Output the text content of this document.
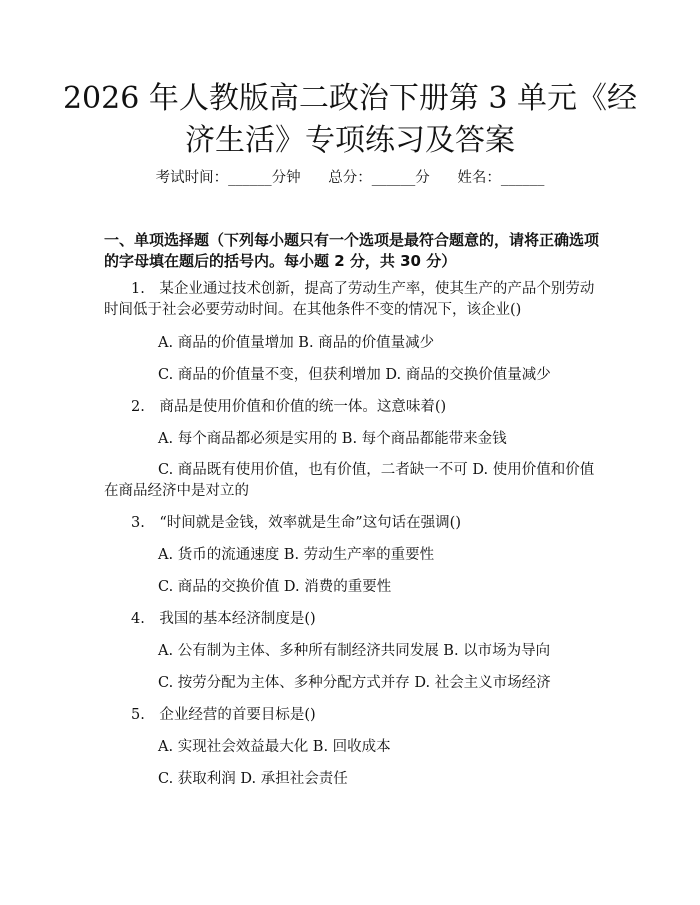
2026 年人教版高二政治下册第 3 单元《经济生活》专项练习及答案
考试时间：______分钟      总分：______分      姓名：______
一、单项选择题（下列每小题只有一个选项是最符合题意的，请将正确选项的字母填在题后的括号内。每小题 2 分，共 30 分）
1.　某企业通过技术创新，提高了劳动生产率，使其生产的产品个别劳动时间低于社会必要劳动时间。在其他条件不变的情况下，该企业()
A. 商品的价值量增加 B. 商品的价值量减少
C. 商品的价值量不变，但获利增加 D. 商品的交换价值量减少
2.　商品是使用价值和价值的统一体。这意味着()
A. 每个商品都必须是实用的 B. 每个商品都能带来金钱
C. 商品既有使用价值，也有价值，二者缺一不可 D. 使用价值和价值在商品经济中是对立的
3.　“时间就是金钱，效率就是生命”这句话在强调()
A. 货币的流通速度 B. 劳动生产率的重要性
C. 商品的交换价值 D. 消费的重要性
4.　我国的基本经济制度是()
A. 公有制为主体、多种所有制经济共同发展 B. 以市场为导向
C. 按劳分配为主体、多种分配方式并存 D. 社会主义市场经济
5.　企业经营的首要目标是()
A. 实现社会效益最大化 B. 回收成本
C. 获取利润 D. 承担社会责任
